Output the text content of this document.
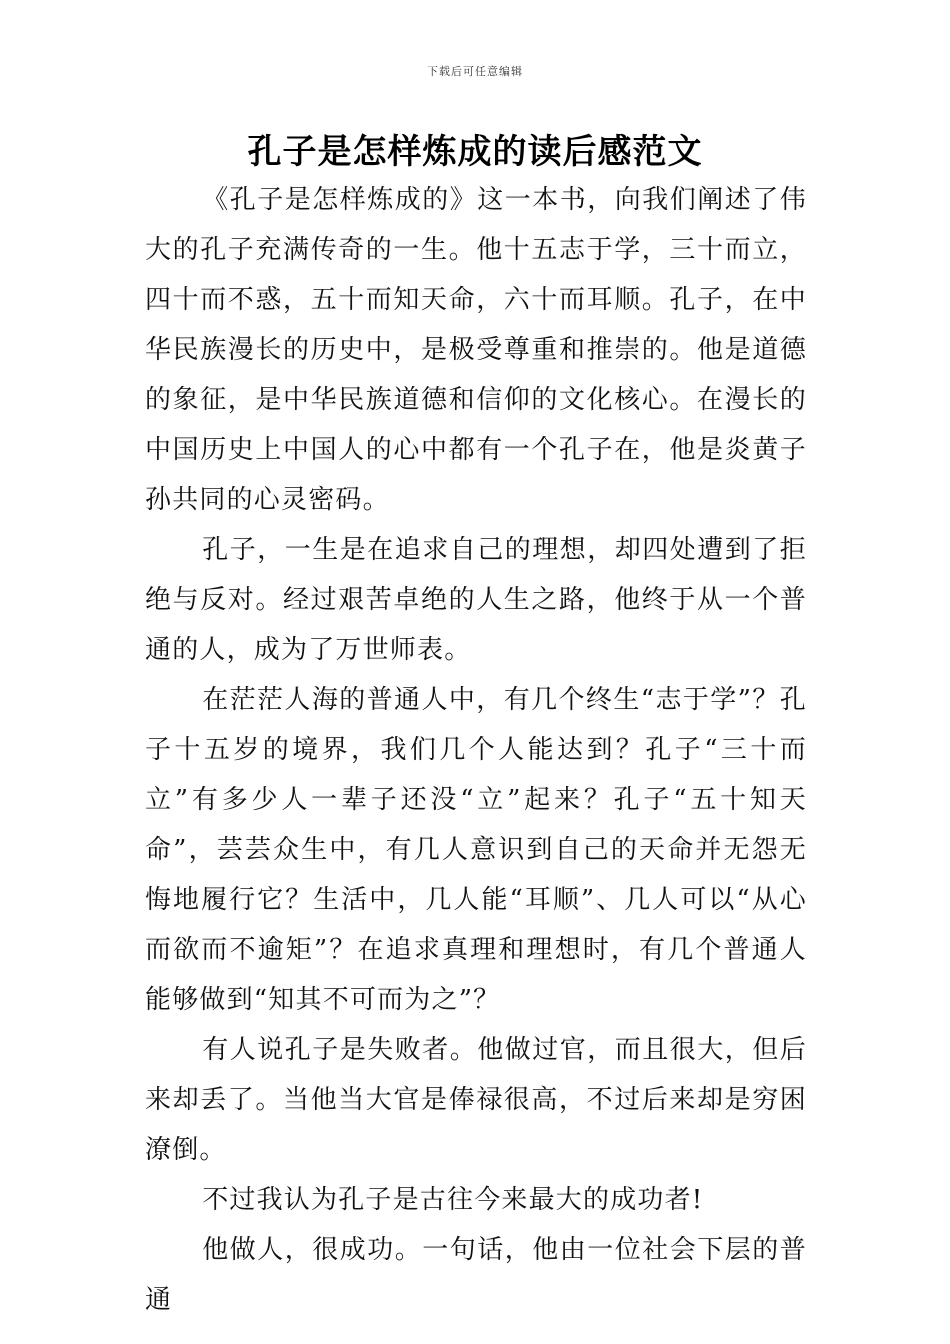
下载后可任意编辑
孔子是怎样炼成的读后感范文

《孔子是怎样炼成的》这一本书，向我们阐述了伟大的孔子充满传奇的一生。他十五志于学，三十而立，四十而不惑，五十而知天命，六十而耳顺。孔子，在中华民族漫长的历史中，是极受尊重和推崇的。他是道德的象征，是中华民族道德和信仰的文化核心。在漫长的中国历史上中国人的心中都有一个孔子在，他是炎黄子孙共同的心灵密码。

孔子，一生是在追求自己的理想，却四处遭到了拒绝与反对。经过艰苦卓绝的人生之路，他终于从一个普通的人，成为了万世师表。

在茫茫人海的普通人中，有几个终生“志于学”？孔子十五岁的境界，我们几个人能达到？孔子“三十而立”有多少人一辈子还没“立”起来？孔子“五十知天命”，芸芸众生中，有几人意识到自己的天命并无怨无悔地履行它？生活中，几人能“耳顺”、几人可以“从心而欲而不逾矩”？在追求真理和理想时，有几个普通人能够做到“知其不可而为之”？

有人说孔子是失败者。他做过官，而且很大，但后来却丢了。当他当大官是俸禄很高，不过后来却是穷困潦倒。

不过我认为孔子是古往今来最大的成功者!

他做人，很成功。一句话，他由一位社会下层的普通
